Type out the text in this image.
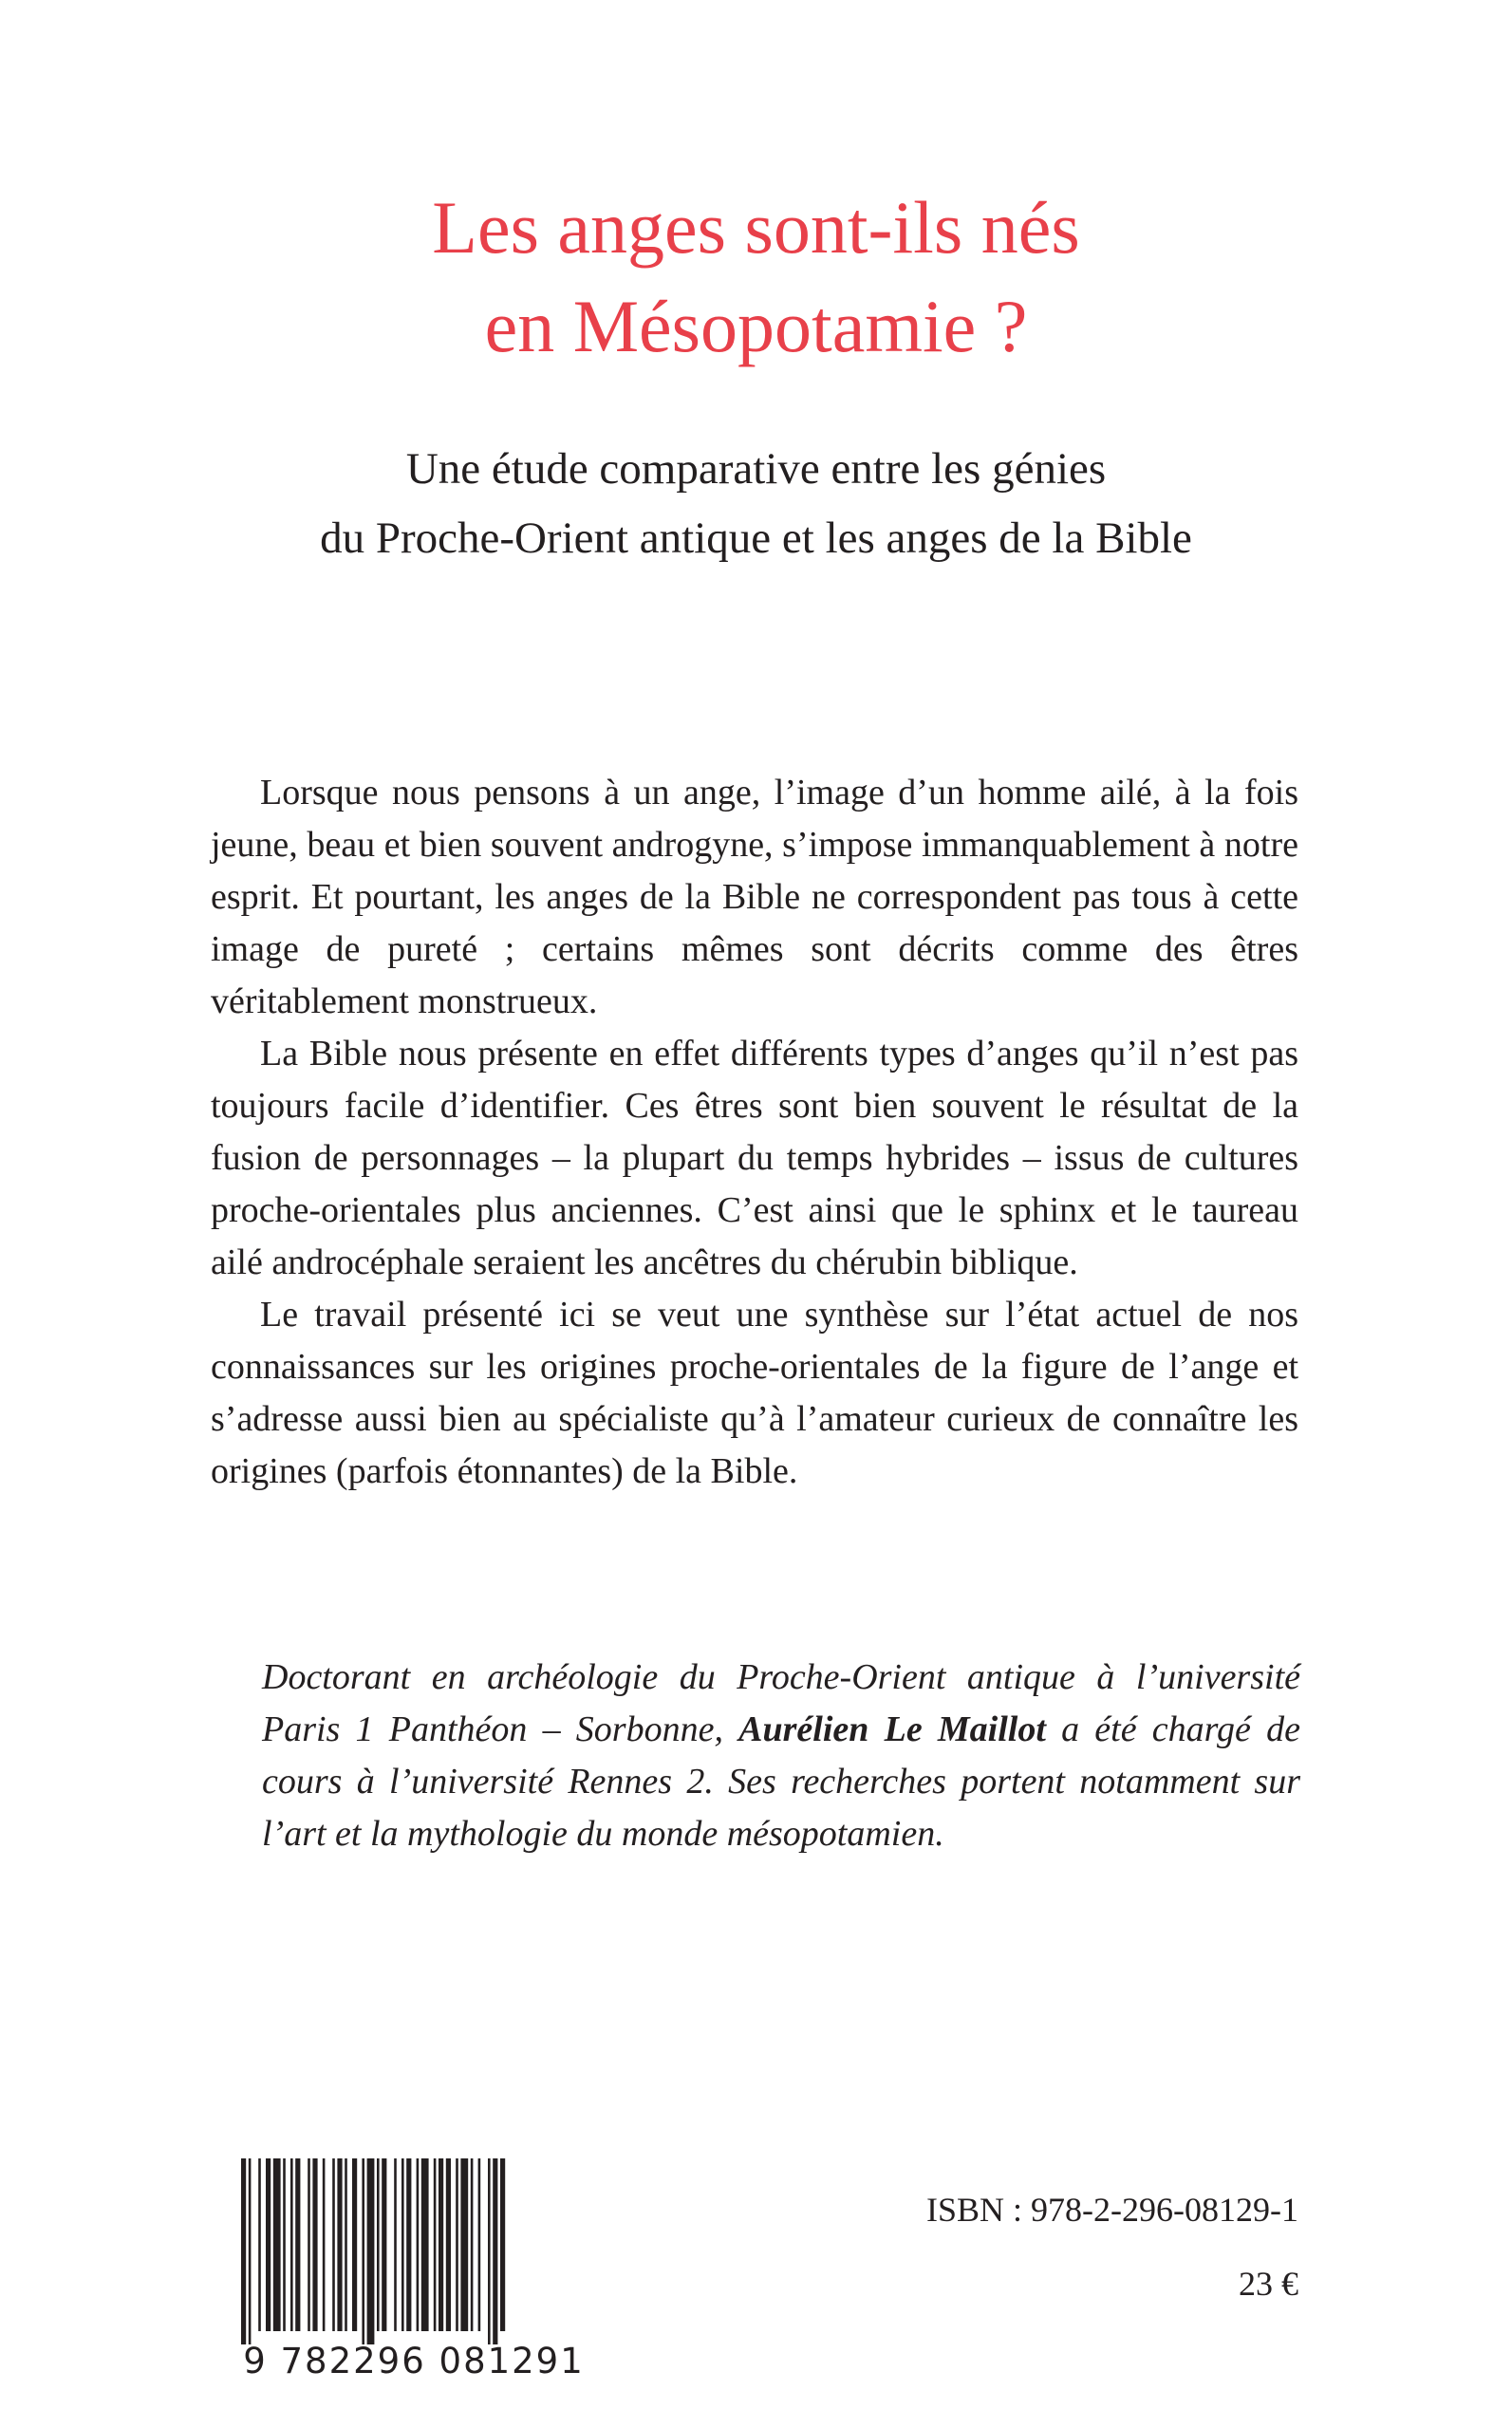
Les anges sont-ils nés
en Mésopotamie ?
Une étude comparative entre les génies
du Proche-Orient antique et les anges de la Bible

Lorsque nous pensons à un ange, l’image d’un homme ailé, à la fois jeune, beau et bien souvent androgyne, s’impose immanquablement à notre esprit. Et pourtant, les anges de la Bible ne correspondent pas tous à cette image de pureté ; certains mêmes sont décrits comme des êtres véritablement monstrueux.

La Bible nous présente en effet différents types d’anges qu’il n’est pas toujours facile d’identifier. Ces êtres sont bien souvent le résultat de la fusion de personnages – la plupart du temps hybrides – issus de cultures proche-orientales plus anciennes. C’est ainsi que le sphinx et le taureau ailé androcéphale seraient les ancêtres du chérubin biblique.

Le travail présenté ici se veut une synthèse sur l’état actuel de nos connaissances sur les origines proche-orientales de la figure de l’ange et s’adresse aussi bien au spécialiste qu’à l’amateur curieux de connaître les origines (parfois étonnantes) de la Bible.

Doctorant en archéologie du Proche-Orient antique à l’université Paris 1 Panthéon – Sorbonne, Aurélien Le Maillot a été chargé de cours à l’université Rennes 2. Ses recherches portent notamment sur l’art et la mythologie du monde mésopotamien.

9 782296 081291
ISBN : 978-2-296-08129-1
23 €
